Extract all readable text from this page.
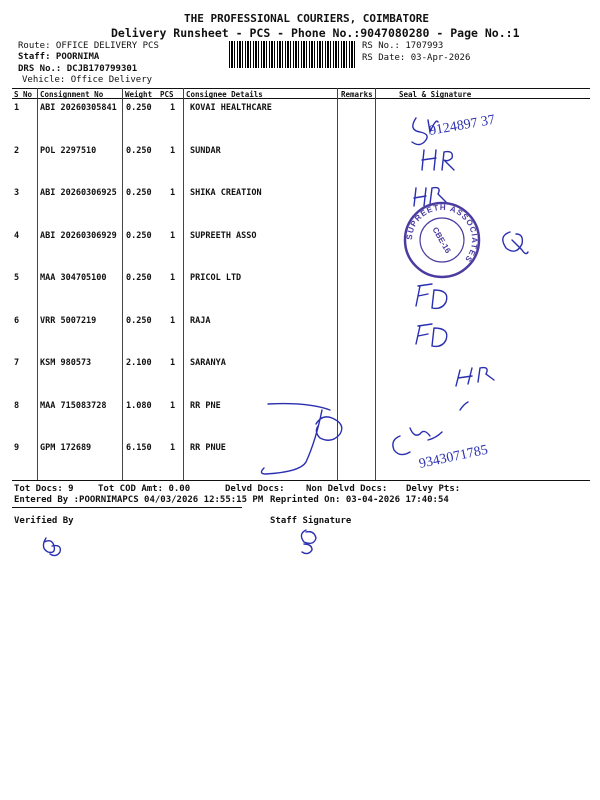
THE PROFESSIONAL COURIERS, COIMBATORE
Delivery Runsheet - PCS - Phone No.:9047080280 - Page No.:1
Route: OFFICE DELIVERY PCS
Staff: POORNIMA
DRS No.: DCJB170799301
Vehicle: Office Delivery
RS No.: 1707993
RS Date: 03-Apr-2026
S No Consignment No	Weight PCS Consignee Details	Remarks	Seal & Signature
1 ABI 20260305841 0.250 1 KOVAI HEALTHCARE
2 POL 2297510	0.250 1 SUNDAR
3 ABI 20260306925 0.250 1 SHIKA CREATION
4 ABI 20260306929 0.250 1 SUPREETH ASSO
5 MAA 304705100 0.250 1 PRICOL LTD
6 VRR 5007219	0.250 1 RAJA
7 KSM 980573	2.100 1 SARANYA
8 MAA 715083728 1.080 1 RR PNE
9 GPM 172689	6.150 1 RR PNUE
9124897 37
9343071785
SUPREETH ASSOCIATES
CBE-16
Tot Docs: 9	Tot COD Amt: 0.00	Delvd Docs: Non Delvd Docs: Delvy Pts:
Entered By :POORNIMAPCS 04/03/2026 12:55:15 PM Reprinted On: 03-04-2026 17:40:54
Verified By	Staff Signature
